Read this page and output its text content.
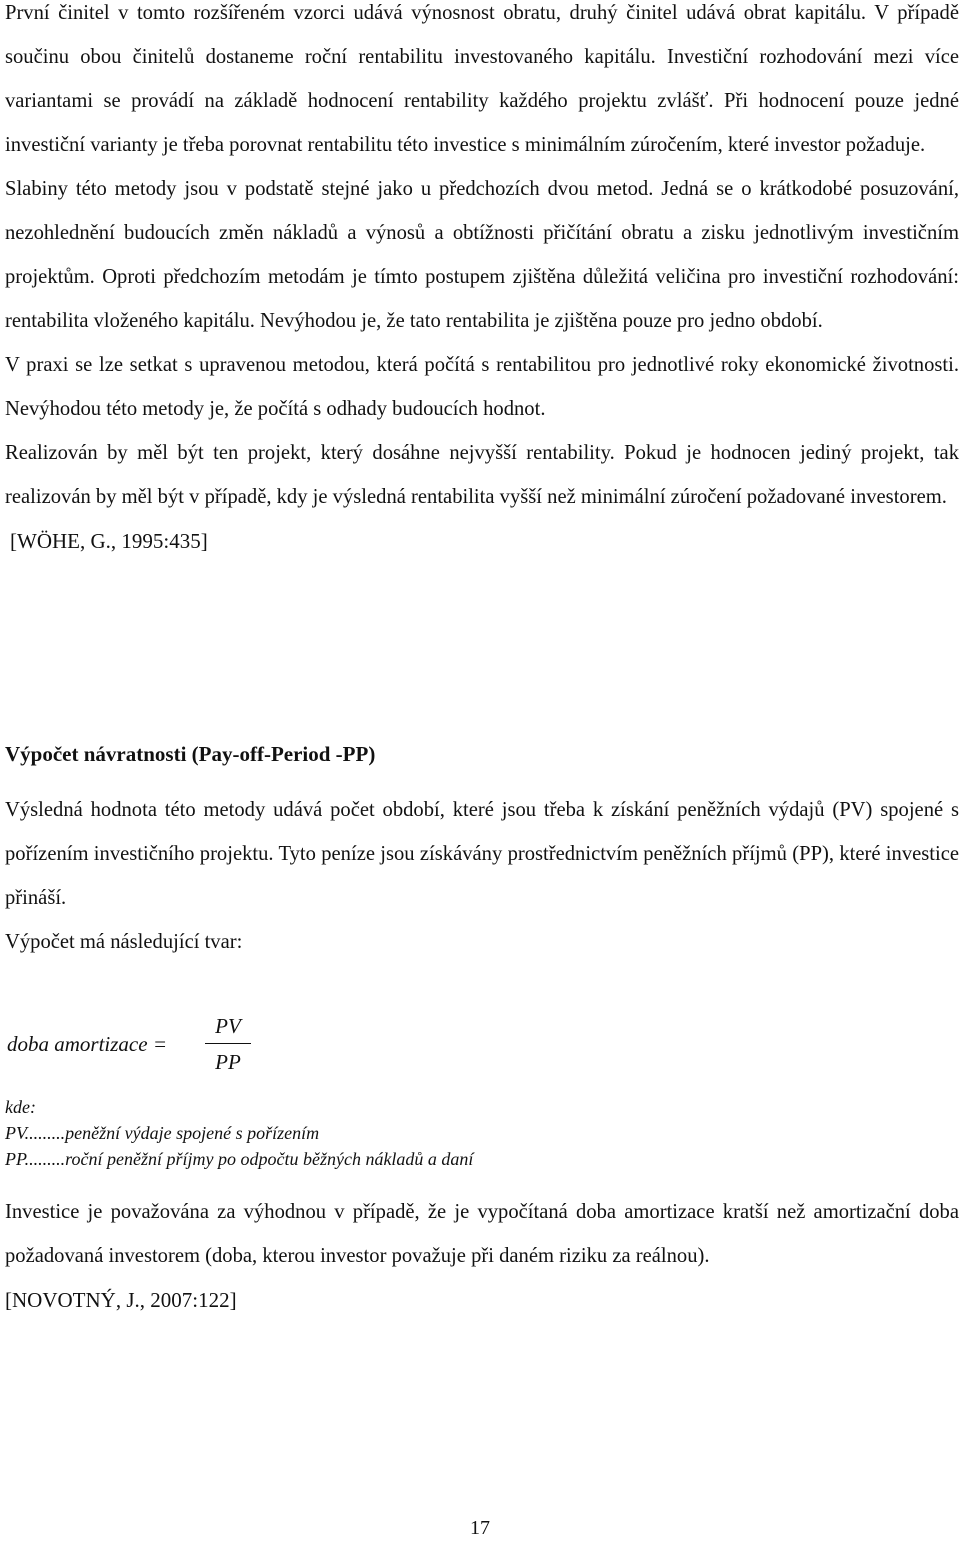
První činitel v tomto rozšířeném vzorci udává výnosnost obratu, druhý činitel udává obrat kapitálu. V případě součinu obou činitelů dostaneme roční rentabilitu investovaného kapitálu. Investiční rozhodování mezi více variantami se provádí na základě hodnocení rentability každého projektu zvlášť. Při hodnocení pouze jedné investiční varianty je třeba porovnat rentabilitu této investice s minimálním zúročením, které investor požaduje.

Slabiny této metody jsou v podstatě stejné jako u předchozích dvou metod. Jedná se o krátkodobé posuzování, nezohlednění budoucích změn nákladů a výnosů a obtížnosti přičítání obratu a zisku jednotlivým investičním projektům. Oproti předchozím metodám je tímto postupem zjištěna důležitá veličina pro investiční rozhodování: rentabilita vloženého kapitálu. Nevýhodou je, že tato rentabilita je zjištěna pouze pro jedno období.

V praxi se lze setkat s upravenou metodou, která počítá s rentabilitou pro jednotlivé roky ekonomické životnosti. Nevýhodou této metody je, že počítá s odhady budoucích hodnot.

Realizován by měl být ten projekt, který dosáhne nejvyšší rentability. Pokud je hodnocen jediný projekt, tak realizován by měl být v případě, kdy je výsledná rentabilita vyšší než minimální zúročení požadované investorem.

[WÖHE, G., 1995:435]

Výpočet návratnosti (Pay-off-Period -PP)

Výsledná hodnota této metody udává počet období, které jsou třeba k získání peněžních výdajů (PV) spojené s pořízením investičního projektu. Tyto peníze jsou získávány prostřednictvím peněžních příjmů (PP), které investice přináší.

Výpočet má následující tvar:

doba amortizace =
PV
PP
kde:
PV.........peněžní výdaje spojené s pořízením
PP.........roční peněžní příjmy po odpočtu běžných nákladů a daní

Investice je považována za výhodnou v případě, že je vypočítaná doba amortizace kratší než amortizační doba požadovaná investorem (doba, kterou investor považuje při daném riziku za reálnou).

[NOVOTNÝ, J., 2007:122]

17
